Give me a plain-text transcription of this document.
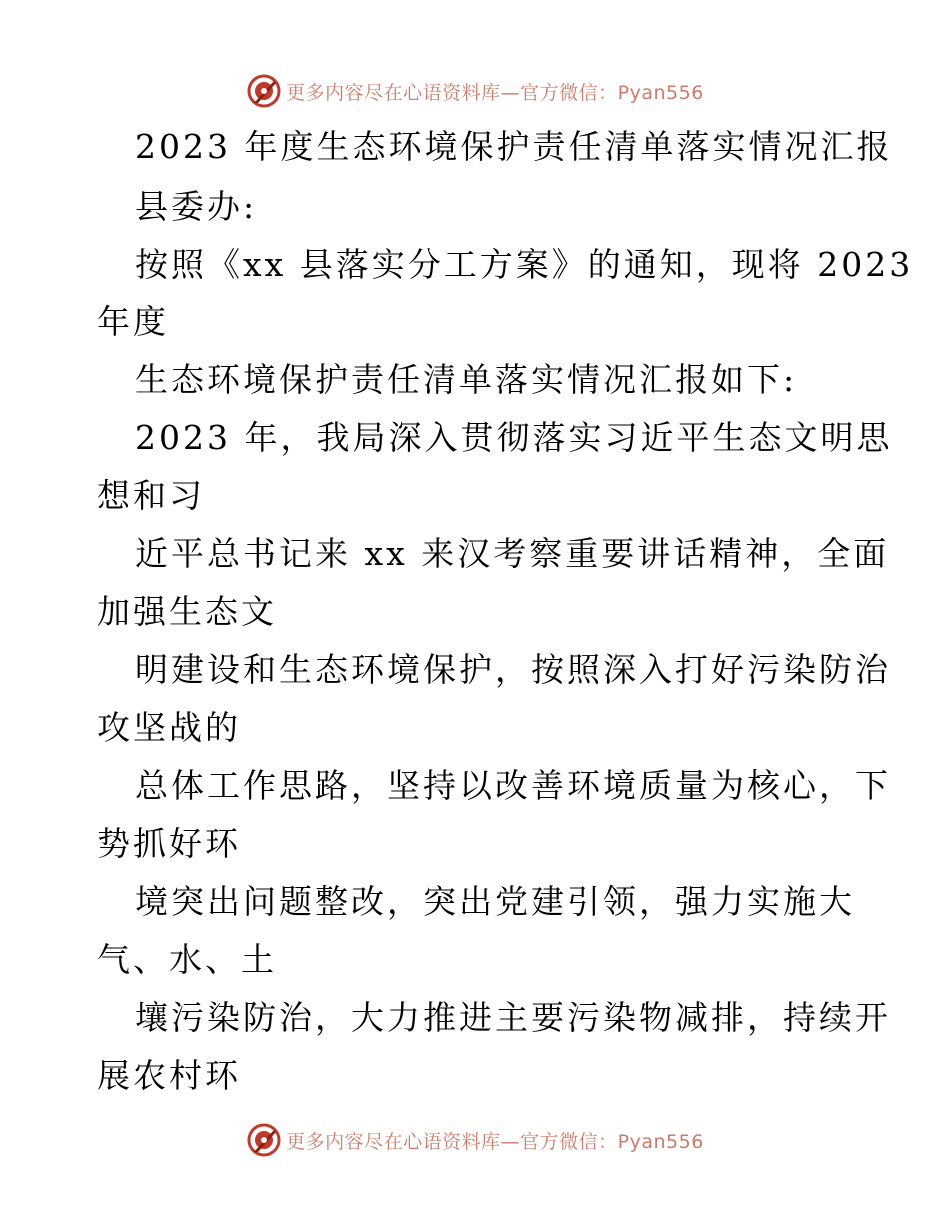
更多内容尽在心语资料库—官方微信：Pyan556
2023 年度生态环境保护责任清单落实情况汇报
县委办:
按照《xx 县落实分工方案》的通知，现将 2023
年度
生态环境保护责任清单落实情况汇报如下:
2023 年，我局深入贯彻落实习近平生态文明思
想和习
近平总书记来 xx 来汉考察重要讲话精神，全面
加强生态文
明建设和生态环境保护，按照深入打好污染防治
攻坚战的
总体工作思路，坚持以改善环境质量为核心，下
势抓好环
境突出问题整改，突出党建引领，强力实施大
气、水、土
壤污染防治，大力推进主要污染物减排，持续开
展农村环
更多内容尽在心语资料库—官方微信：Pyan556
